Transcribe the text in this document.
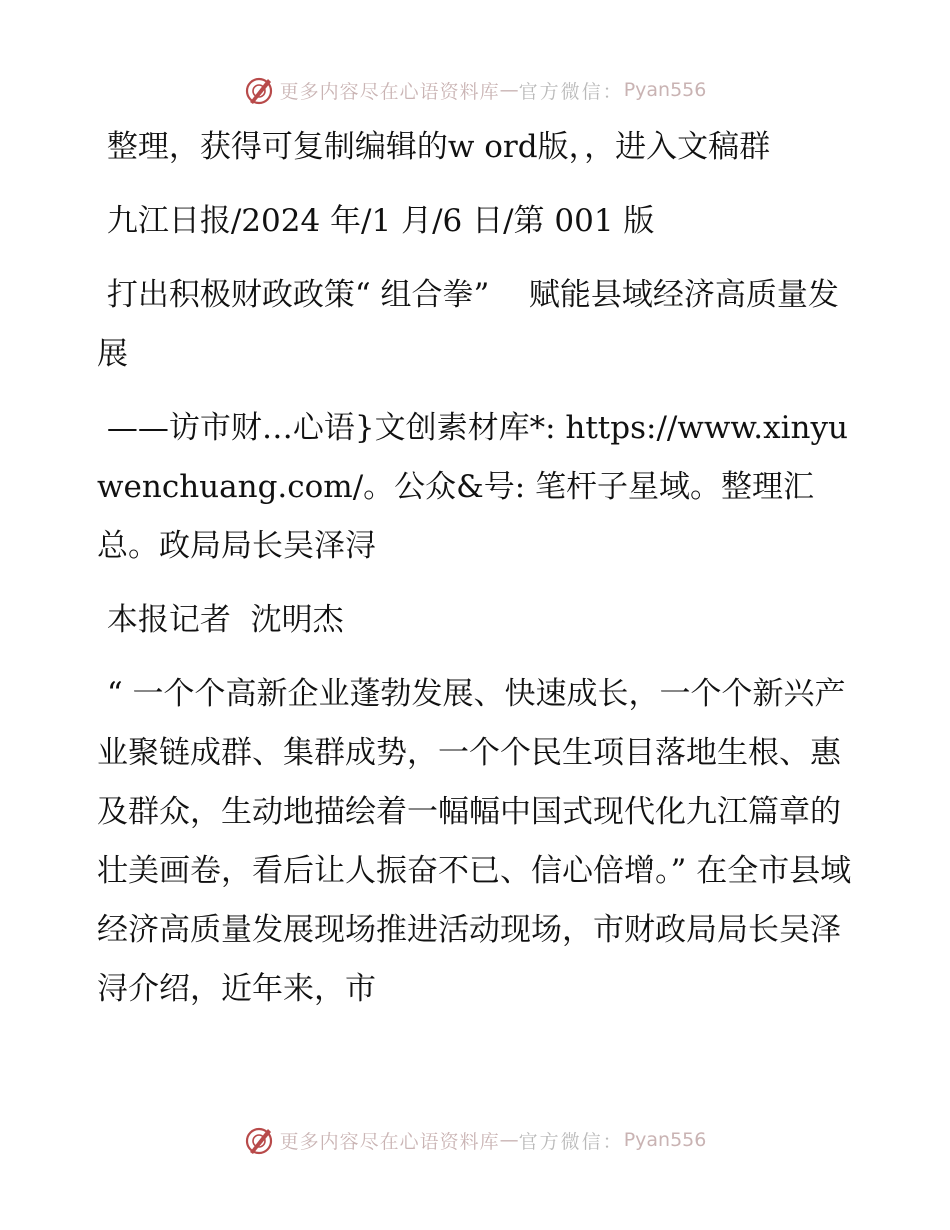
更多内容尽在心语资料库 — 官方微信： Pyan556

整理，获得可复制编辑的w ord版，，进入文稿群

九江日报/2024 年/1 月/6 日/第 001 版

打出积极财政政策“ 组合拳”    赋能县域经济高质量发展

——访市财…心语}文创素材库*: https://www.xinyuwenchuang.com/。公众&号: 笔杆子星域。整理汇总。政局局长吴泽浔

本报记者  沈明杰

“ 一个个高新企业蓬勃发展、快速成长，一个个新兴产业聚链成群、集群成势，一个个民生项目落地生根、惠及群众，生动地描绘着一幅幅中国式现代化九江篇章的壮美画卷，看后让人振奋不已、信心倍增。” 在全市县域经济高质量发展现场推进活动现场，市财政局局长吴泽浔介绍，近年来，市

更多内容尽在心语资料库 — 官方微信： Pyan556
